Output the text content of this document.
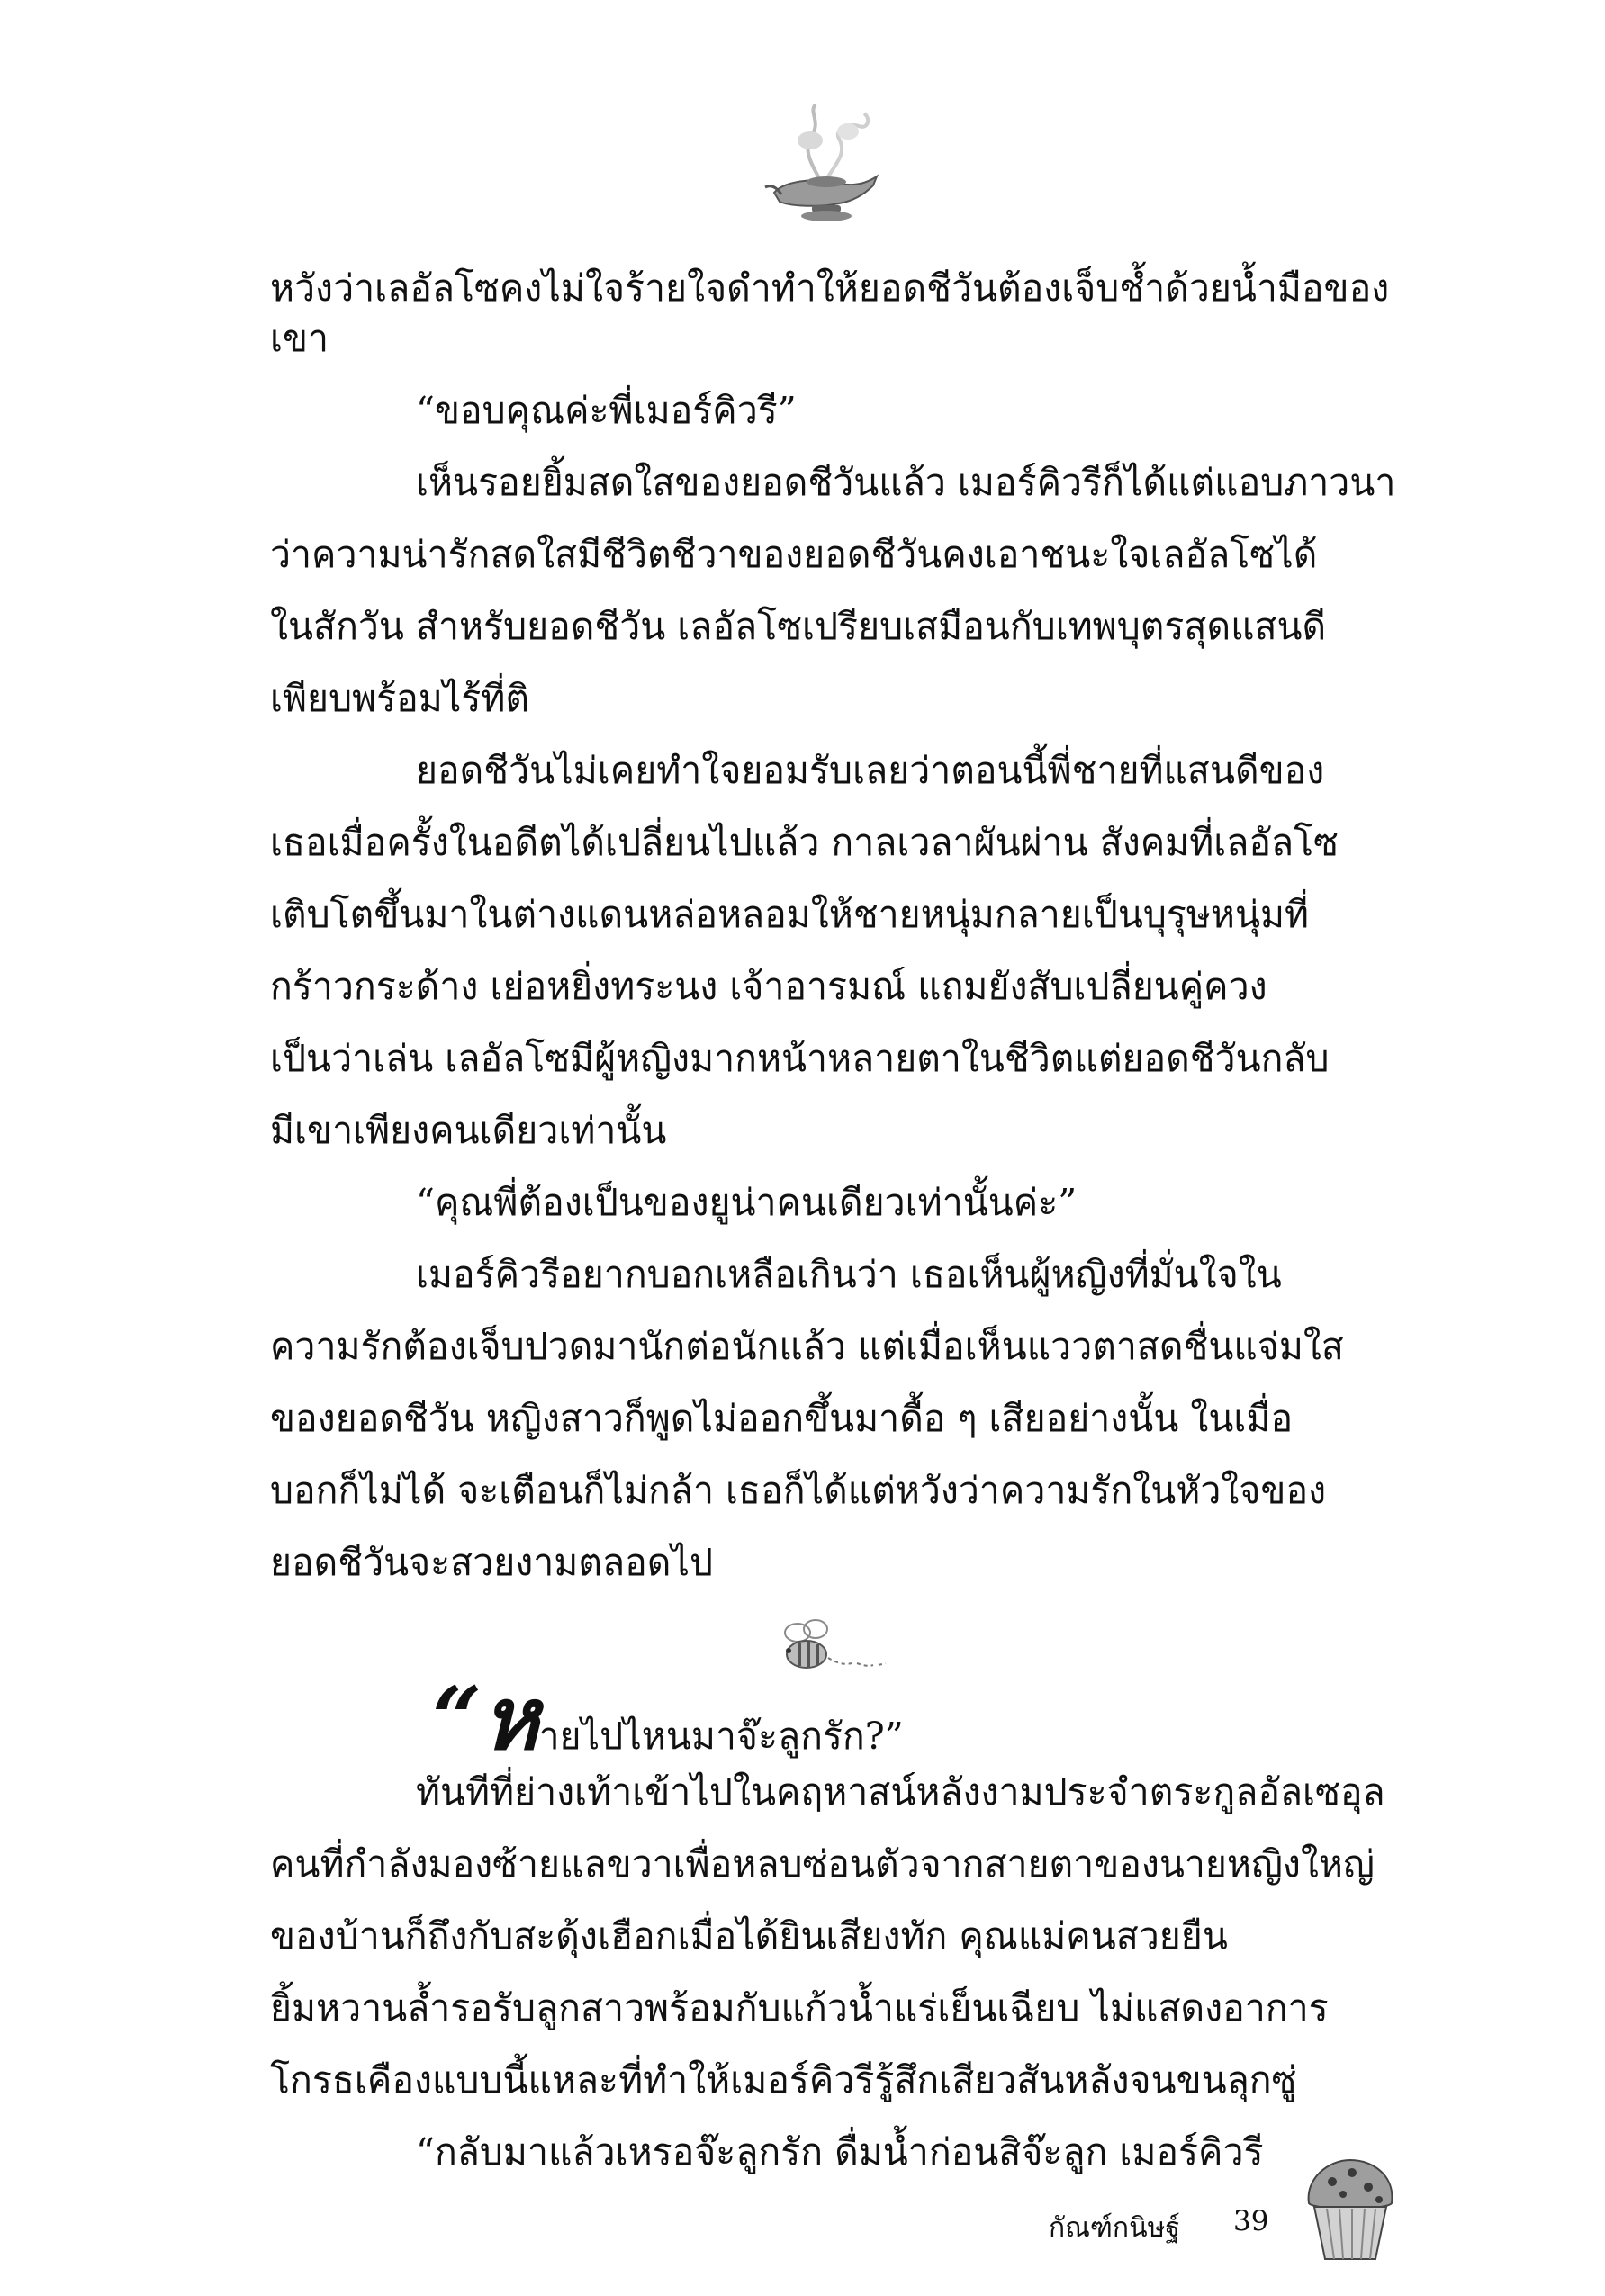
หวังว่าเลอัลโซคงไม่ใจร้ายใจดำทำให้ยอดชีวันต้องเจ็บช้ำด้วยน้ำมือของ

เขา

“ขอบคุณค่ะพี่เมอร์คิวรี”

เห็นรอยยิ้มสดใสของยอดชีวันแล้ว เมอร์คิวรีก็ได้แต่แอบภาวนา

ว่าความน่ารักสดใสมีชีวิตชีวาของยอดชีวันคงเอาชนะใจเลอัลโซได้

ในสักวัน สำหรับยอดชีวัน เลอัลโซเปรียบเสมือนกับเทพบุตรสุดแสนดี

เพียบพร้อมไร้ที่ติ

ยอดชีวันไม่เคยทำใจยอมรับเลยว่าตอนนี้พี่ชายที่แสนดีของ

เธอเมื่อครั้งในอดีตได้เปลี่ยนไปแล้ว กาลเวลาผันผ่าน สังคมที่เลอัลโซ

เติบโตขึ้นมาในต่างแดนหล่อหลอมให้ชายหนุ่มกลายเป็นบุรุษหนุ่มที่

กร้าวกระด้าง เย่อหยิ่งทระนง เจ้าอารมณ์ แถมยังสับเปลี่ยนคู่ควง

เป็นว่าเล่น เลอัลโซมีผู้หญิงมากหน้าหลายตาในชีวิตแต่ยอดชีวันกลับ

มีเขาเพียงคนเดียวเท่านั้น

“คุณพี่ต้องเป็นของยูน่าคนเดียวเท่านั้นค่ะ”

เมอร์คิวรีอยากบอกเหลือเกินว่า เธอเห็นผู้หญิงที่มั่นใจใน

ความรักต้องเจ็บปวดมานักต่อนักแล้ว แต่เมื่อเห็นแววตาสดชื่นแจ่มใส

ของยอดชีวัน หญิงสาวก็พูดไม่ออกขึ้นมาดื้อ ๆ เสียอย่างนั้น ในเมื่อ

บอกก็ไม่ได้ จะเตือนก็ไม่กล้า เธอก็ได้แต่หวังว่าความรักในหัวใจของ

ยอดชีวันจะสวยงามตลอดไป

“หายไปไหนมาจ๊ะลูกรัก?”

ทันทีที่ย่างเท้าเข้าไปในคฤหาสน์หลังงามประจำตระกูลอัลเซอุล

คนที่กำลังมองซ้ายแลขวาเพื่อหลบซ่อนตัวจากสายตาของนายหญิงใหญ่

ของบ้านก็ถึงกับสะดุ้งเฮือกเมื่อได้ยินเสียงทัก คุณแม่คนสวยยืน

ยิ้มหวานล้ำรอรับลูกสาวพร้อมกับแก้วน้ำแร่เย็นเฉียบ ไม่แสดงอาการ

โกรธเคืองแบบนี้แหละที่ทำให้เมอร์คิวรีรู้สึกเสียวสันหลังจนขนลุกซู่

“กลับมาแล้วเหรอจ๊ะลูกรัก ดื่มน้ำก่อนสิจ๊ะลูก เมอร์คิวรี

กัณฑ์กนิษฐ์ 39
